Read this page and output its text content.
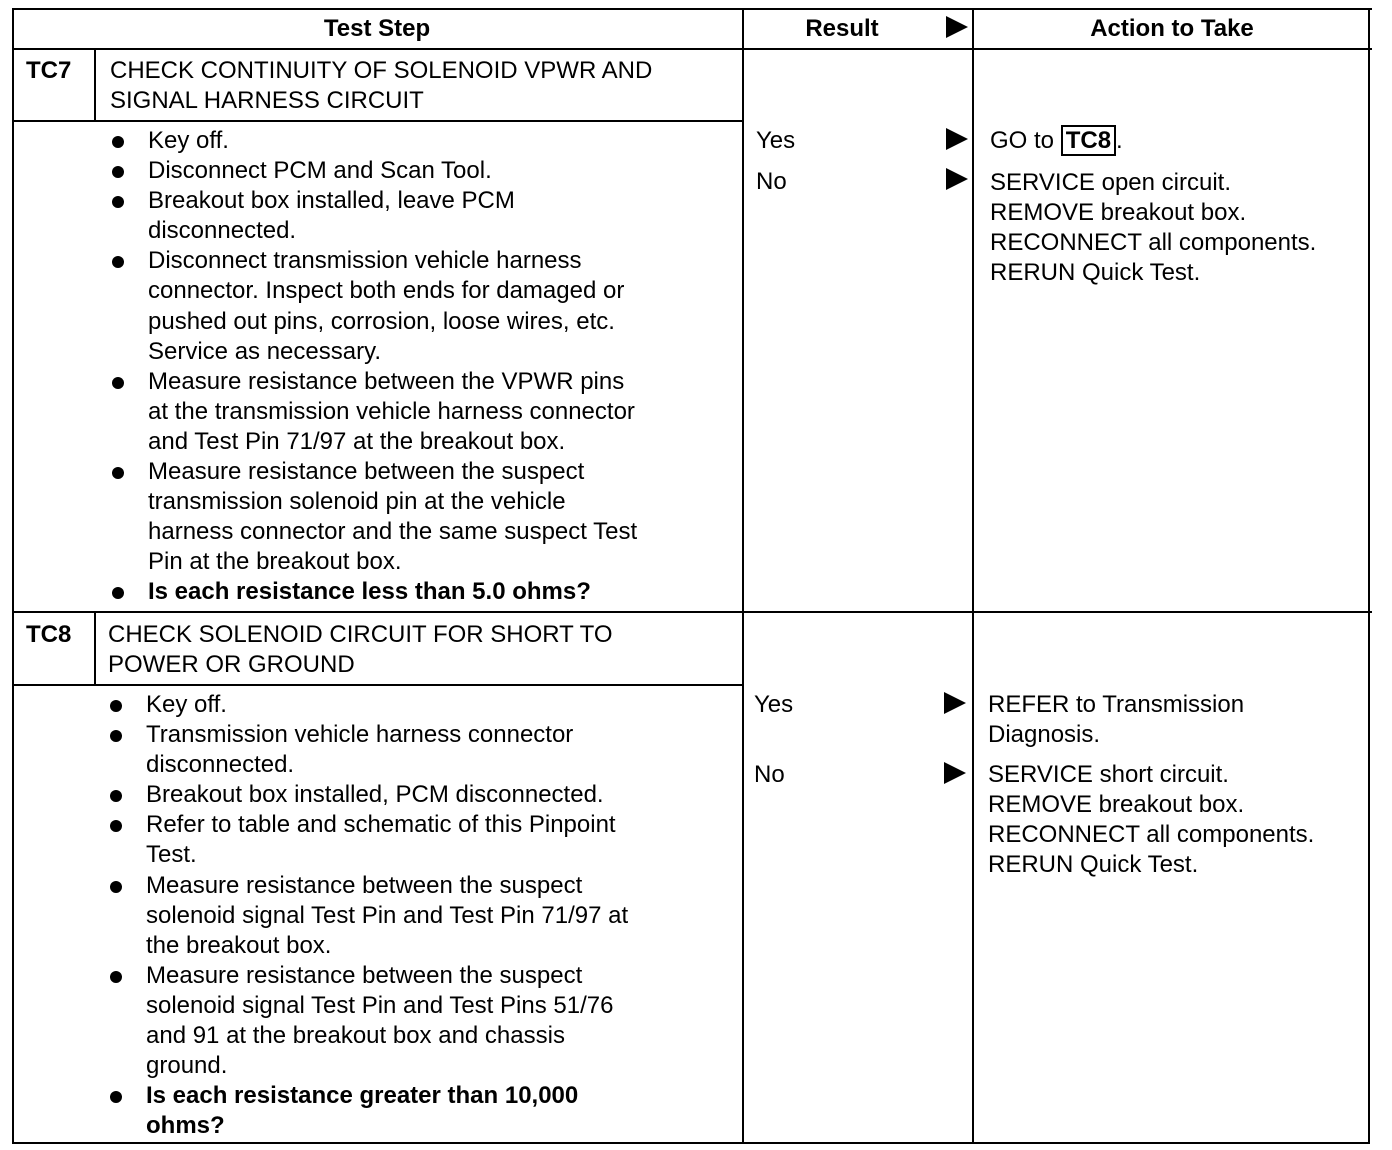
Test Step	Result	Action to Take
TC7 CHECK CONTINUITY OF SOLENOID VPWR AND
SIGNAL HARNESS CIRCUIT
Key off.
Disconnect PCM and Scan Tool.
Breakout box installed, leave PCM
disconnected.
Disconnect transmission vehicle harness
connector. Inspect both ends for damaged or
pushed out pins, corrosion, loose wires, etc.
Service as necessary.
Measure resistance between the VPWR pins
at the transmission vehicle harness connector
and Test Pin 71/97 at the breakout box.
Measure resistance between the suspect
transmission solenoid pin at the vehicle
harness connector and the same suspect Test
Pin at the breakout box.
Is each resistance less than 5.0 ohms?
Yes
No
GO to TC8 .
SERVICE open circuit.
REMOVE breakout box.
RECONNECT all components.
RERUN Quick Test.
TC8 CHECK SOLENOID CIRCUIT FOR SHORT TO
POWER OR GROUND
Key off.
Transmission vehicle harness connector
disconnected.
Breakout box installed, PCM disconnected.
Refer to table and schematic of this Pinpoint
Test.
Measure resistance between the suspect
solenoid signal Test Pin and Test Pin 71/97 at
the breakout box.
Measure resistance between the suspect
solenoid signal Test Pin and Test Pins 51/76
and 91 at the breakout box and chassis
ground.
Is each resistance greater than 10,000
ohms?
Yes
No
REFER to Transmission
Diagnosis.
SERVICE short circuit.
REMOVE breakout box.
RECONNECT all components.
RERUN Quick Test.
